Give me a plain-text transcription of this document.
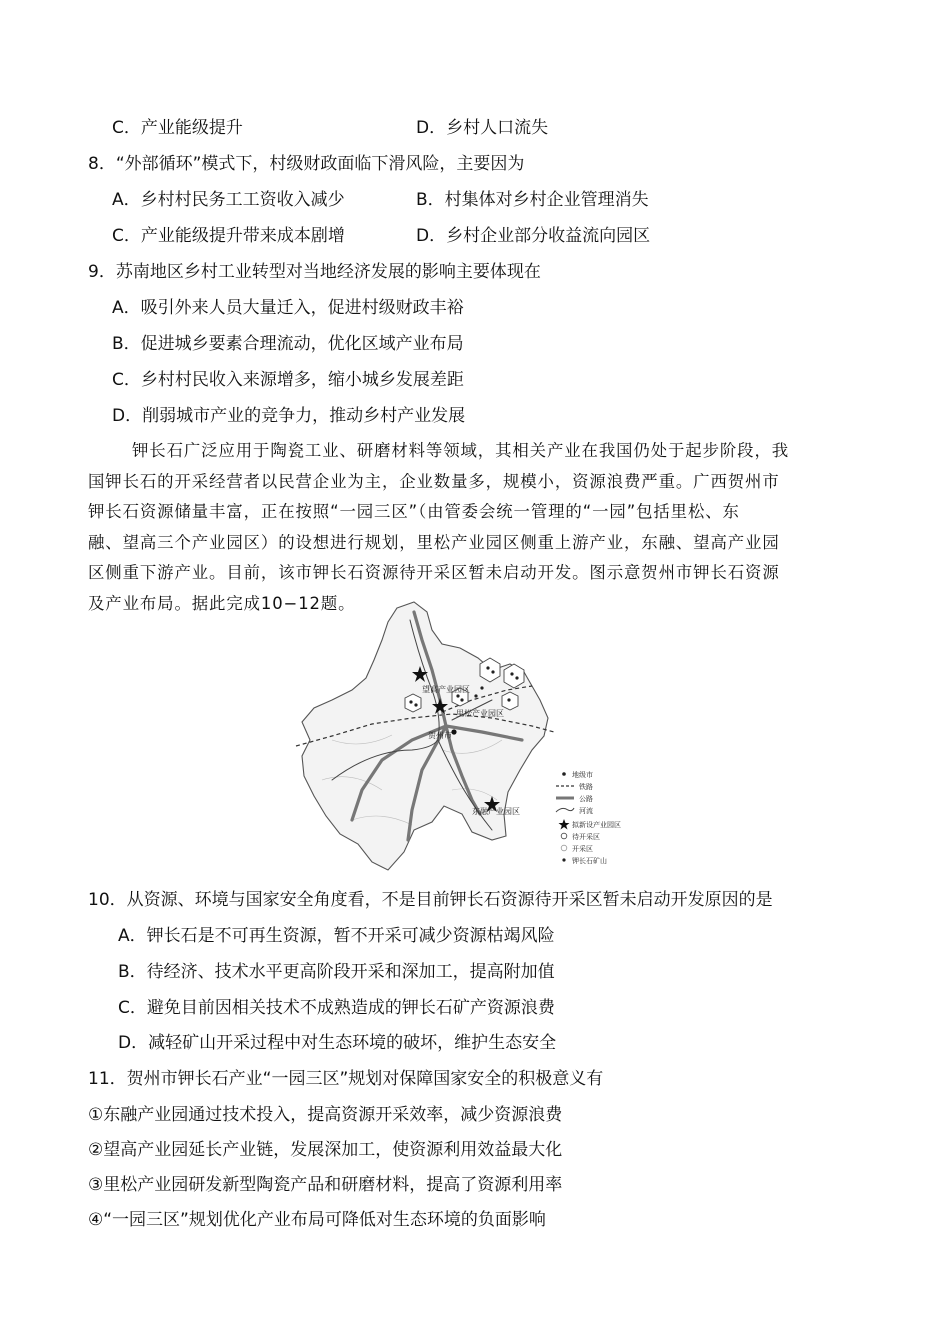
C．产业能级提升	D．乡村人口流失
8．“外部循环”模式下，村级财政面临下滑风险，主要因为
A．乡村村民务工工资收入减少	B．村集体对乡村企业管理消失
C．产业能级提升带来成本剧增	D．乡村企业部分收益流向园区
9．苏南地区乡村工业转型对当地经济发展的影响主要体现在
A．吸引外来人员大量迁入，促进村级财政丰裕
B．促进城乡要素合理流动，优化区域产业布局
C．乡村村民收入来源增多，缩小城乡发展差距
D．削弱城市产业的竞争力，推动乡村产业发展
钾长石广泛应用于陶瓷工业、研磨材料等领域，其相关产业在我国仍处于起步阶段，我
国钾长石的开采经营者以民营企业为主，企业数量多，规模小，资源浪费严重。广西贺州市
钾长石资源储量丰富，正在按照“一园三区”（由管委会统一管理的“一园”包括里松、东
融、望高三个产业园区）的设想进行规划，里松产业园区侧重上游产业，东融、望高产业园
区侧重下游产业。目前，该市钾长石资源待开采区暂未启动开发。图示意贺州市钾长石资源
及产业布局。据此完成10−12题。
望高产业园区
里松产业园区
贺州市
东融产业园区
地级市
铁路
公路
河流
拟新设产业园区
待开采区
开采区
钾长石矿山
10．从资源、环境与国家安全角度看，不是目前钾长石资源待开采区暂未启动开发原因的是
A．钾长石是不可再生资源，暂不开采可减少资源枯竭风险
B．待经济、技术水平更高阶段开采和深加工，提高附加值
C．避免目前因相关技术不成熟造成的钾长石矿产资源浪费
D．减轻矿山开采过程中对生态环境的破坏，维护生态安全
11．贺州市钾长石产业“一园三区”规划对保障国家安全的积极意义有
①东融产业园通过技术投入，提高资源开采效率，减少资源浪费
②望高产业园延长产业链，发展深加工，使资源利用效益最大化
③里松产业园研发新型陶瓷产品和研磨材料，提高了资源利用率
④“一园三区”规划优化产业布局可降低对生态环境的负面影响
